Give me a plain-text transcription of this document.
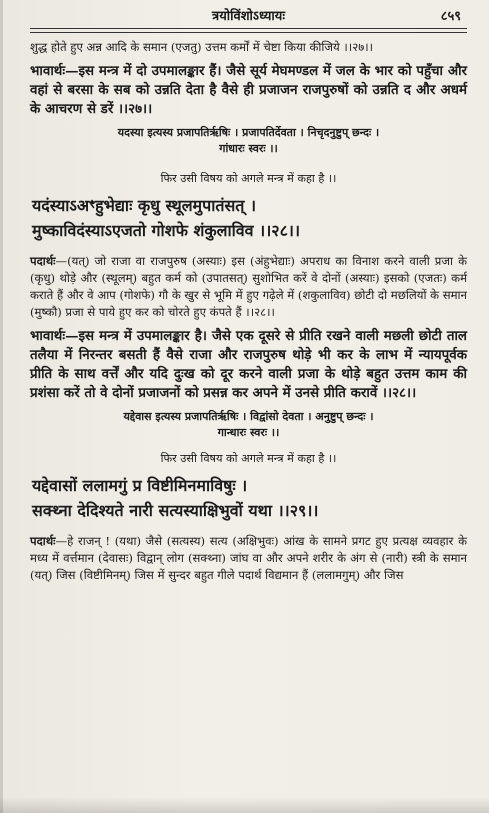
त्रयोविंशोऽध्यायः	८५९

शुद्ध होते हुए अन्न आदि के समान (एजतु) उत्तम कर्मों में चेष्टा किया कीजिये ।।२७।।

भावार्थः—इस मन्त्र में दो उपमालङ्कार हैं। जैसे सूर्य मेघमण्डल में जल के भार को पहुँचा और वहां से बरसा के सब को उन्नति देता है वैसे ही प्रजाजन राजपुरुषों को उन्नति द और अधर्म के आचरण से डरें ।।२७।।

यदस्या इत्यस्य प्रजापतिर्ऋषिः । प्रजापतिर्देवता । निचृदनुष्टुप् छन्दः ।

गांधारः स्वरः ।।

फिर उसी विषय को अगले मन्त्र में कहा है ।।

यदंस्याऽअꣳहुभेद्याः कृधु स्थूलमुपातंसत् ।

मुष्काविदंस्याऽएजतो गोशफे शंकुलाविव ।।२८।।

पदार्थः—(यत्) जो राजा वा राजपुरुष (अस्याः) इस (अंहुभेद्याः) अपराध का विनाश करने वाली प्रजा के (कृधु) थोड़े और (स्थूलम्) बहुत कर्म को (उपातसत्) सुशोभित करें वे दोनों (अस्याः) इसको (एजतः) कर्म कराते हैं और वे आप (गोशफे) गौ के खुर से भूमि में हुए गढ़ेले में (शकुलाविव) छोटी दो मछलियों के समान (मुष्कौ) प्रजा से पाये हुए कर को चोरते हुए कंपते हैं ।।२८।।

भावार्थः—इस मन्त्र में उपमालङ्कार है। जैसे एक दूसरे से प्रीति रखने वाली मछली छोटी ताल तलैया में निरन्तर बसती हैं वैसे राजा और राजपुरुष थोड़े भी कर के लाभ में न्यायपूर्वक प्रीति के साथ वर्त्तें और यदि दुःख को दूर करने वाली प्रजा के थोड़े बहुत उत्तम काम की प्रशंसा करें तो वे दोनों प्रजाजनों को प्रसन्न कर अपने में उनसे प्रीति करावें ।।२८।।

यद्देवास इत्यस्य प्रजापतिर्ऋषिः । विद्वांसो देवता । अनुष्टुप् छन्दः ।

गान्धारः स्वरः ।।

फिर उसी विषय को अगले मन्त्र में कहा है ।।

यद्देवासों ललामगुं प्र विष्टीमिनमाविषुः ।

सक्थ्ना देदिश्यते नारी सत्यस्याक्षिभुवों यथा ।।२९।।

पदार्थः—हे राजन् ! (यथा) जैसे (सत्यस्य) सत्य (अक्षिभुवः) आंख के सामने प्रगट हुए प्रत्यक्ष व्यवहार के मध्य में वर्त्तमान (देवासः) विद्वान् लोग (सक्थ्ना) जांघ वा और अपने शरीर के अंग से (नारी) स्त्री के समान (यत्) जिस (विष्टीमिनम्) जिस में सुन्दर बहुत गीले पदार्थ विद्यमान हैं (ललामगुम्) और जिस
